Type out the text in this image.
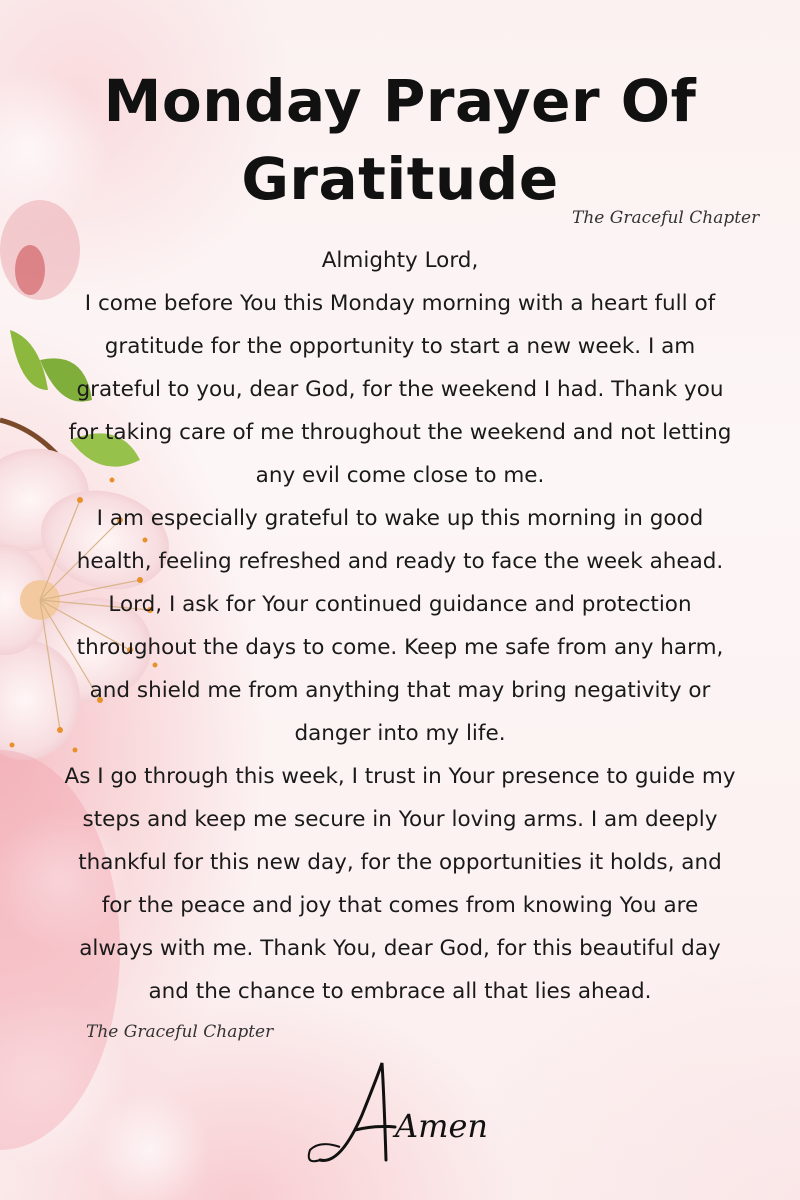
Monday Prayer Of Gratitude
The Graceful Chapter

Almighty Lord,

I come before You this Monday morning with a heart full of gratitude for the opportunity to start a new week. I am grateful to you, dear God, for the weekend I had. Thank you for taking care of me throughout the weekend and not letting any evil come close to me.

I am especially grateful to wake up this morning in good health, feeling refreshed and ready to face the week ahead. Lord, I ask for Your continued guidance and protection throughout the days to come. Keep me safe from any harm, and shield me from anything that may bring negativity or danger into my life.

As I go through this week, I trust in Your presence to guide my steps and keep me secure in Your loving arms. I am deeply thankful for this new day, for the opportunities it holds, and for the peace and joy that comes from knowing You are always with me. Thank You, dear God, for this beautiful day and the chance to embrace all that lies ahead.

The Graceful Chapter
Amen
